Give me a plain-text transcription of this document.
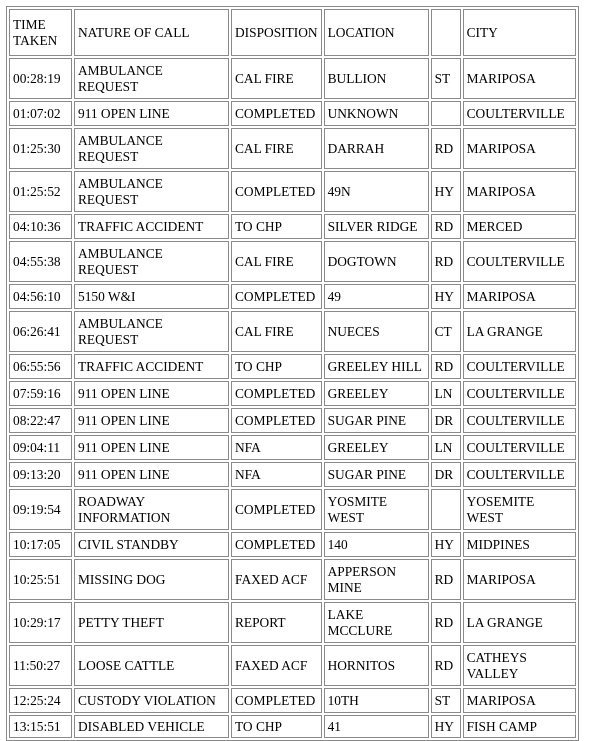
TIME TAKEN	NATURE OF CALL	DISPOSITION	LOCATION		CITY
00:28:19	AMBULANCE REQUEST	CAL FIRE	BULLION	ST	MARIPOSA
01:07:02	911 OPEN LINE	COMPLETED	UNKNOWN		COULTERVILLE
01:25:30	AMBULANCE REQUEST	CAL FIRE	DARRAH	RD	MARIPOSA
01:25:52	AMBULANCE REQUEST	COMPLETED	49N	HY	MARIPOSA
04:10:36	TRAFFIC ACCIDENT	TO CHP	SILVER RIDGE	RD	MERCED
04:55:38	AMBULANCE REQUEST	CAL FIRE	DOGTOWN	RD	COULTERVILLE
04:56:10	5150 W&I	COMPLETED	49	HY	MARIPOSA
06:26:41	AMBULANCE REQUEST	CAL FIRE	NUECES	CT	LA GRANGE
06:55:56	TRAFFIC ACCIDENT	TO CHP	GREELEY HILL	RD	COULTERVILLE
07:59:16	911 OPEN LINE	COMPLETED	GREELEY	LN	COULTERVILLE
08:22:47	911 OPEN LINE	COMPLETED	SUGAR PINE	DR	COULTERVILLE
09:04:11	911 OPEN LINE	NFA	GREELEY	LN	COULTERVILLE
09:13:20	911 OPEN LINE	NFA	SUGAR PINE	DR	COULTERVILLE
09:19:54	ROADWAY INFORMATION	COMPLETED	YOSMITE WEST		YOSEMITE WEST
10:17:05	CIVIL STANDBY	COMPLETED	140	HY	MIDPINES
10:25:51	MISSING DOG	FAXED ACF	APPERSON MINE	RD	MARIPOSA
10:29:17	PETTY THEFT	REPORT	LAKE MCCLURE	RD	LA GRANGE
11:50:27	LOOSE CATTLE	FAXED ACF	HORNITOS	RD	CATHEYS VALLEY
12:25:24	CUSTODY VIOLATION	COMPLETED	10TH	ST	MARIPOSA
13:15:51	DISABLED VEHICLE	TO CHP	41	HY	FISH CAMP
